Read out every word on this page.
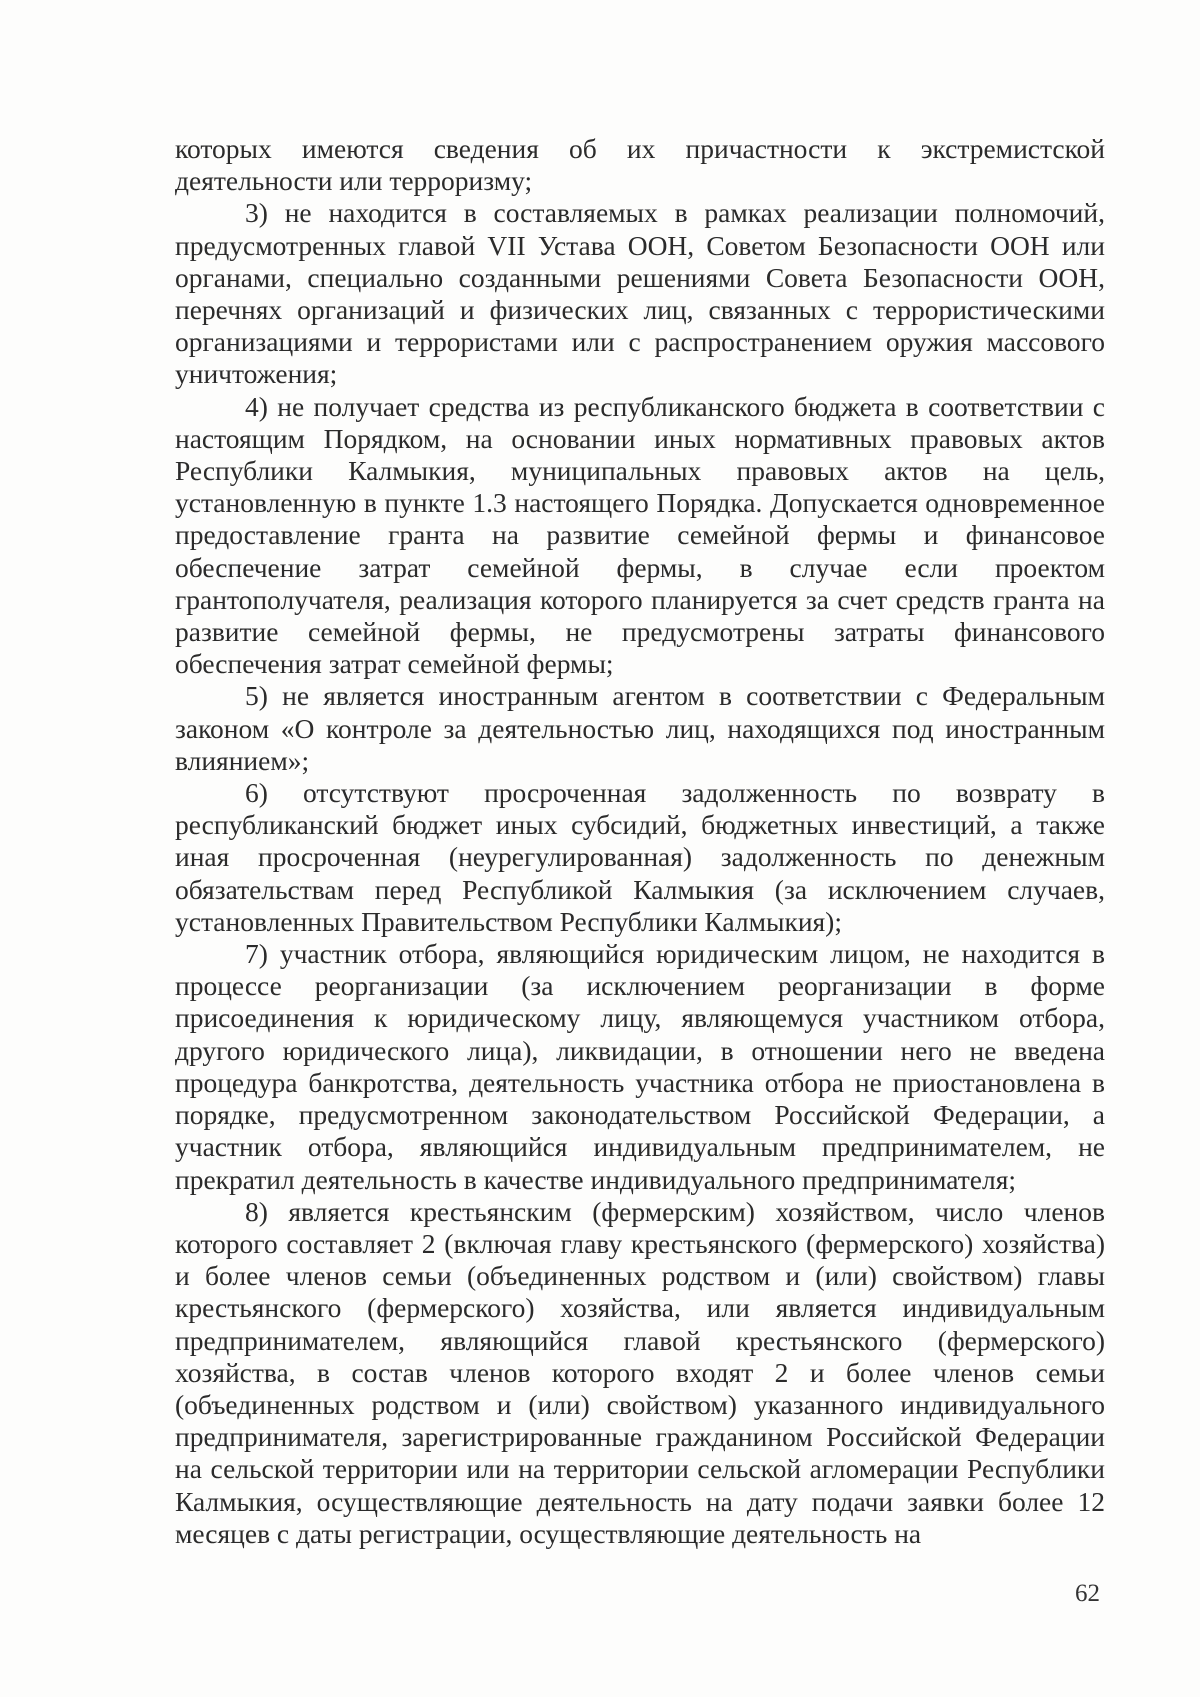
которых имеются сведения об их причастности к экстремистской деятельности или терроризму;

3) не находится в составляемых в рамках реализации полномочий, предусмотренных главой VII Устава ООН, Советом Безопасности ООН или органами, специально созданными решениями Совета Безопасности ООН, перечнях организаций и физических лиц, связанных с террористическими организациями и террористами или с распространением оружия массового уничтожения;

4) не получает средства из республиканского бюджета в соответствии с настоящим Порядком, на основании иных нормативных правовых актов Республики Калмыкия, муниципальных правовых актов на цель, установленную в пункте 1.3 настоящего Порядка. Допускается одновременное предоставление гранта на развитие семейной фермы и финансовое обеспечение затрат семейной фермы, в случае если проектом грантополучателя, реализация которого планируется за счет средств гранта на развитие семейной фермы, не предусмотрены затраты финансового обеспечения затрат семейной фермы;

5) не является иностранным агентом в соответствии с Федеральным законом «О контроле за деятельностью лиц, находящихся под иностранным влиянием»;

6) отсутствуют просроченная задолженность по возврату в республиканский бюджет иных субсидий, бюджетных инвестиций, а также иная просроченная (неурегулированная) задолженность по денежным обязательствам перед Республикой Калмыкия (за исключением случаев, установленных Правительством Республики Калмыкия);

7) участник отбора, являющийся юридическим лицом, не находится в процессе реорганизации (за исключением реорганизации в форме присоединения к юридическому лицу, являющемуся участником отбора, другого юридического лица), ликвидации, в отношении него не введена процедура банкротства, деятельность участника отбора не приостановлена в порядке, предусмотренном законодательством Российской Федерации, а участник отбора, являющийся индивидуальным предпринимателем, не прекратил деятельность в качестве индивидуального предпринимателя;

8) является крестьянским (фермерским) хозяйством, число членов которого составляет 2 (включая главу крестьянского (фермерского) хозяйства) и более членов семьи (объединенных родством и (или) свойством) главы крестьянского (фермерского) хозяйства, или является индивидуальным предпринимателем, являющийся главой крестьянского (фермерского) хозяйства, в состав членов которого входят 2 и более членов семьи (объединенных родством и (или) свойством) указанного индивидуального предпринимателя, зарегистрированные гражданином Российской Федерации на сельской территории или на территории сельской агломерации Республики Калмыкия, осуществляющие деятельность на дату подачи заявки более 12 месяцев с даты регистрации, осуществляющие деятельность на

62
